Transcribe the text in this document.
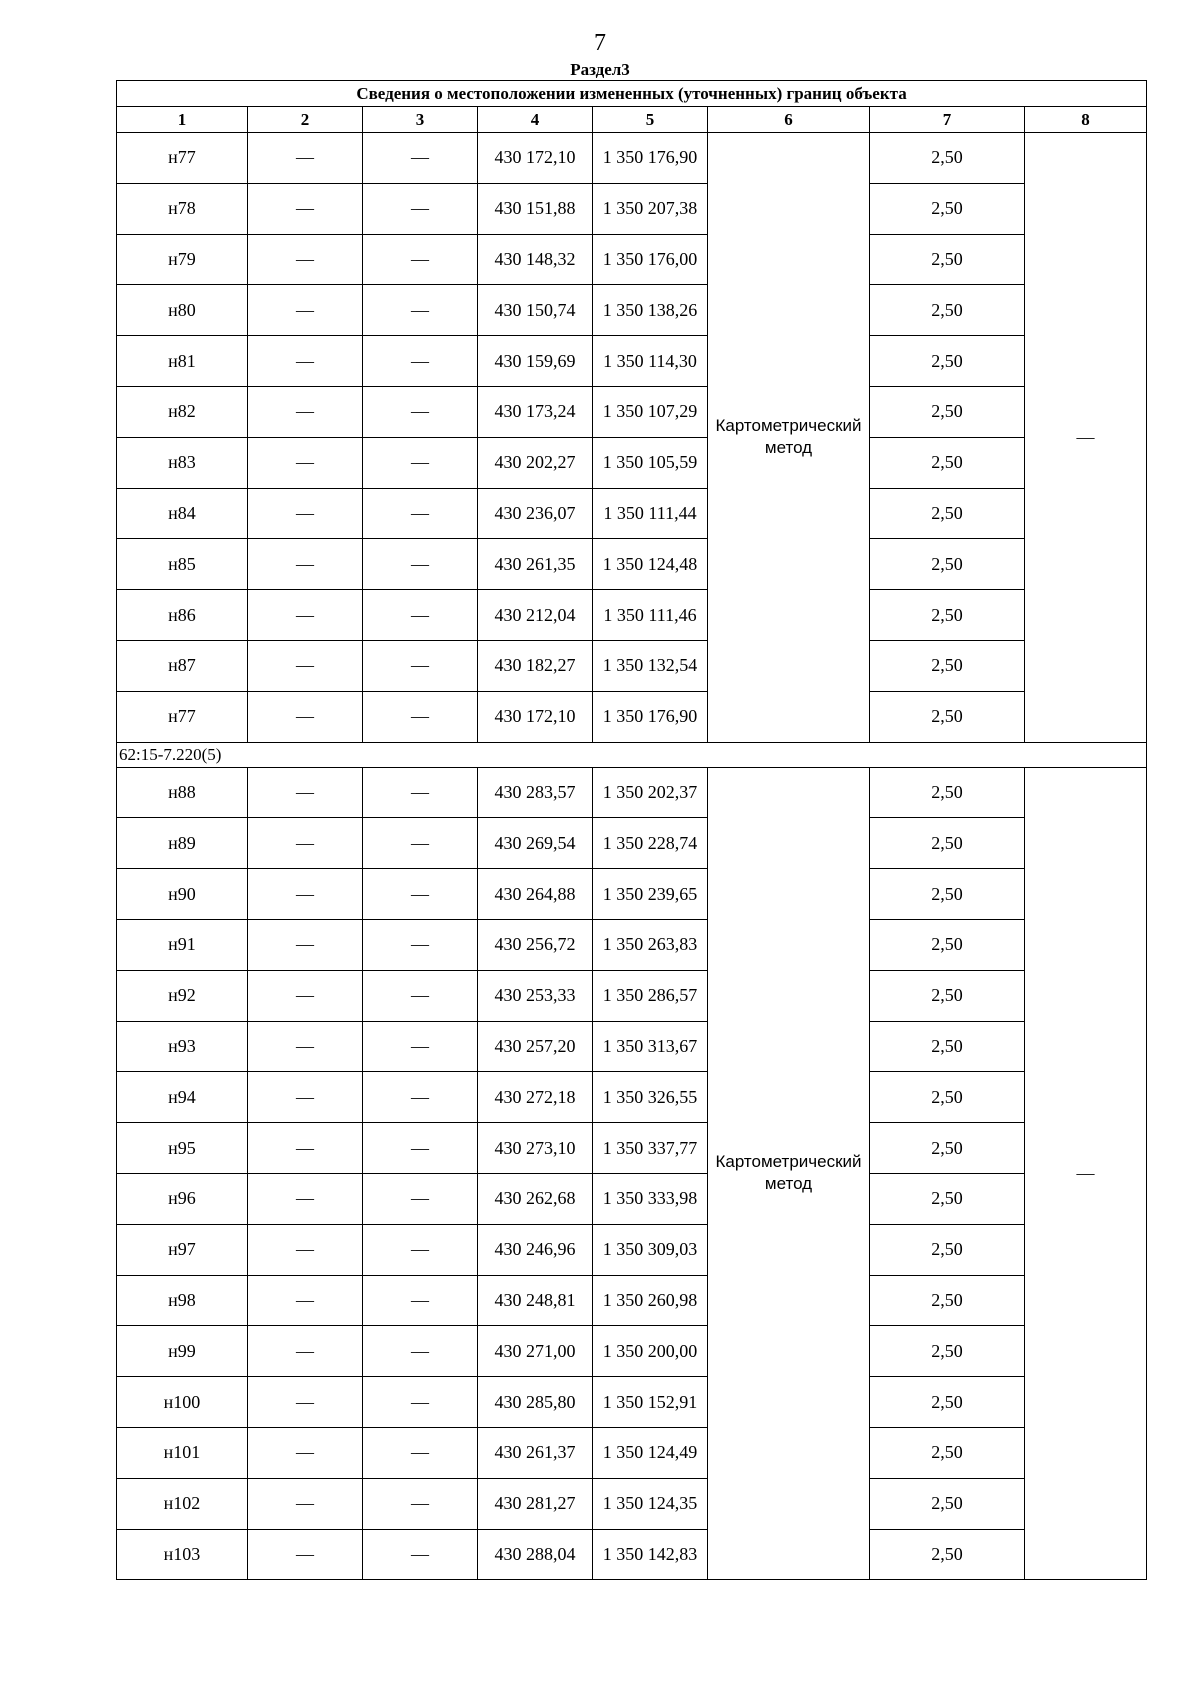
7
Раздел3
Сведения о местоположении измененных (уточненных) границ объекта							
1	2	3	4	5	6	7	8
н77	—	—	430 172,10	1 350 176,90	Картометрический метод	2,50	—
н78	—	—	430 151,88	1 350 207,38		2,50	
н79	—	—	430 148,32	1 350 176,00		2,50	
н80	—	—	430 150,74	1 350 138,26		2,50	
н81	—	—	430 159,69	1 350 114,30		2,50	
н82	—	—	430 173,24	1 350 107,29		2,50	
н83	—	—	430 202,27	1 350 105,59		2,50	
н84	—	—	430 236,07	1 350 111,44		2,50	
н85	—	—	430 261,35	1 350 124,48		2,50	
н86	—	—	430 212,04	1 350 111,46		2,50	
н87	—	—	430 182,27	1 350 132,54		2,50	
н77	—	—	430 172,10	1 350 176,90		2,50	
62:15-7.220(5)							
н88	—	—	430 283,57	1 350 202,37	Картометрический метод	2,50	—
н89	—	—	430 269,54	1 350 228,74		2,50	
н90	—	—	430 264,88	1 350 239,65		2,50	
н91	—	—	430 256,72	1 350 263,83		2,50	
н92	—	—	430 253,33	1 350 286,57		2,50	
н93	—	—	430 257,20	1 350 313,67		2,50	
н94	—	—	430 272,18	1 350 326,55		2,50	
н95	—	—	430 273,10	1 350 337,77		2,50	
н96	—	—	430 262,68	1 350 333,98		2,50	
н97	—	—	430 246,96	1 350 309,03		2,50	
н98	—	—	430 248,81	1 350 260,98		2,50	
н99	—	—	430 271,00	1 350 200,00		2,50	
н100	—	—	430 285,80	1 350 152,91		2,50	
н101	—	—	430 261,37	1 350 124,49		2,50	
н102	—	—	430 281,27	1 350 124,35		2,50	
н103	—	—	430 288,04	1 350 142,83		2,50	
